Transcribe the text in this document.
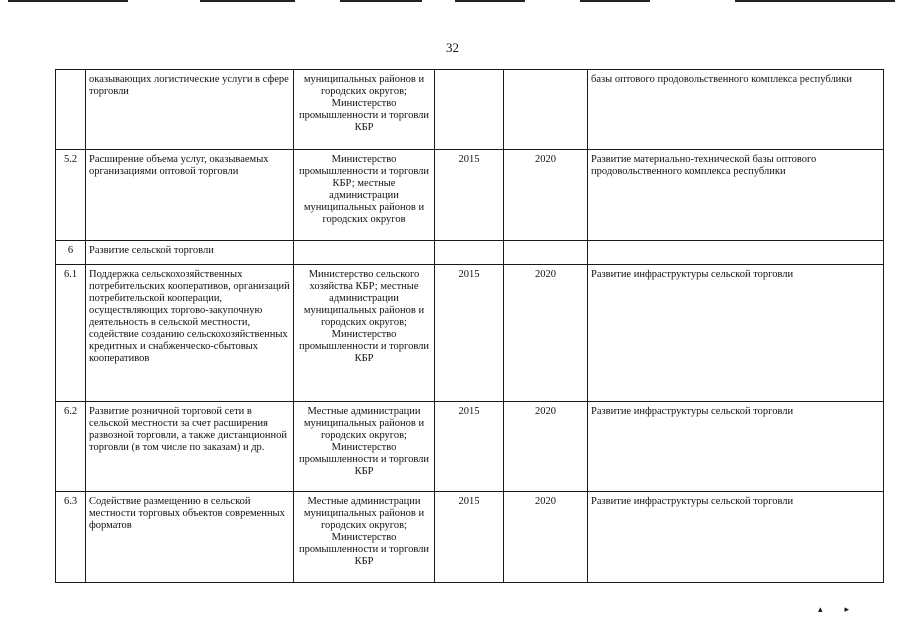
32
	оказывающих логистические услуги в сфере торговли	муниципальных районов и городских округов; Министерство промышленности и торговли КБР			базы оптового продовольственного комплекса республики
5.2	Расширение объема услуг, оказываемых организациями оптовой торговли	Министерство промышленности и торговли КБР; местные администрации муниципальных районов и городских округов	2015	2020	Развитие материально-технической базы оптового продовольственного комплекса республики
6	Развитие сельской торговли				
6.1	Поддержка сельскохозяйственных потребительских кооперативов, организаций потребительской кооперации, осуществляющих торгово-закупочную деятельность в сельской местности, содействие созданию сельскохозяйственных кредитных и снабженческо-сбытовых кооперативов	Министерство сельского хозяйства КБР; местные администрации муниципальных районов и городских округов; Министерство промышленности и торговли КБР	2015	2020	Развитие инфраструктуры сельской торговли
6.2	Развитие розничной торговой сети в сельской местности за счет расширения развозной торговли, а также дистанционной торговли (в том числе по заказам) и др.	Местные администрации муниципальных районов и городских округов; Министерство промышленности и торговли КБР	2015	2020	Развитие инфраструктуры сельской торговли
6.3	Содействие размещению в сельской местности торговых объектов современных форматов	Местные администрации муниципальных районов и городских округов; Министерство промышленности и торговли КБР	2015	2020	Развитие инфраструктуры сельской торговли
▴▸
